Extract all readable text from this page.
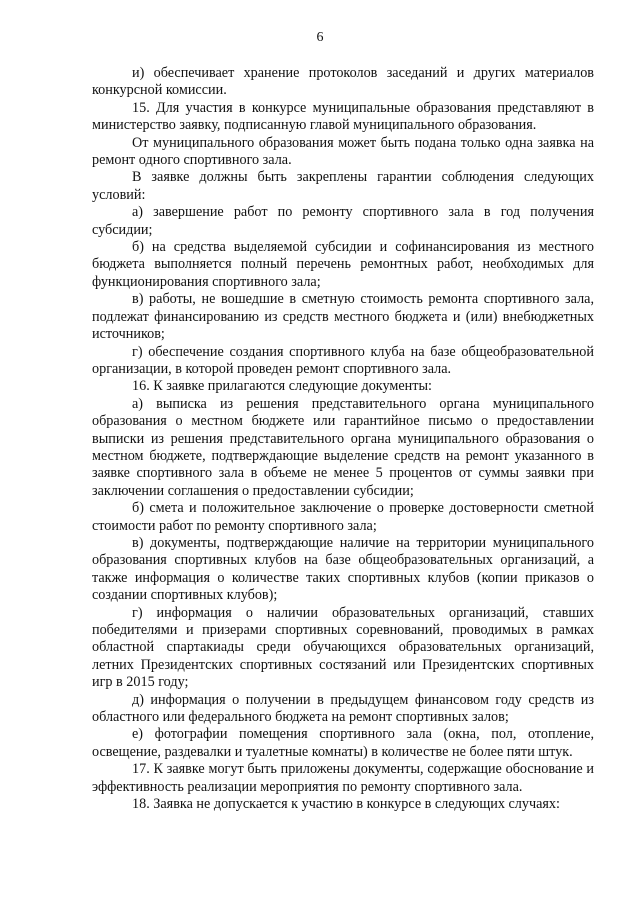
6

и) обеспечивает хранение протоколов заседаний и других материалов конкурсной комиссии.

15. Для участия в конкурсе муниципальные образования представляют в министерство заявку, подписанную главой муниципального образования.

От муниципального образования может быть подана только одна заявка на ремонт одного спортивного зала.

В заявке должны быть закреплены гарантии соблюдения следующих условий:

а) завершение работ по ремонту спортивного зала в год получения субсидии;

б) на средства выделяемой субсидии и софинансирования из местного бюджета выполняется полный перечень ремонтных работ, необходимых для функционирования спортивного зала;

в) работы, не вошедшие в сметную стоимость ремонта спортивного зала, подлежат финансированию из средств местного бюджета и (или) внебюджетных источников;

г) обеспечение создания спортивного клуба на базе общеобразовательной организации, в которой проведен ремонт спортивного зала.

16. К заявке прилагаются следующие документы:

а) выписка из решения представительного органа муниципального образования о местном бюджете или гарантийное письмо о предоставлении выписки из решения представительного органа муниципального образования о местном бюджете, подтверждающие выделение средств на ремонт указанного в заявке спортивного зала в объеме не менее 5 процентов от суммы заявки при заключении соглашения о предоставлении субсидии;

б) смета и положительное заключение о проверке достоверности сметной стоимости работ по ремонту спортивного зала;

в) документы, подтверждающие наличие на территории муниципального образования спортивных клубов на базе общеобразовательных организаций, а также информация о количестве таких спортивных клубов (копии приказов о создании спортивных клубов);

г) информация о наличии образовательных организаций, ставших победителями и призерами спортивных соревнований, проводимых в рамках областной спартакиады среди обучающихся образовательных организаций, летних Президентских спортивных состязаний или Президентских спортивных игр в 2015 году;

д) информация о получении в предыдущем финансовом году средств из областного или федерального бюджета на ремонт спортивных залов;

е) фотографии помещения спортивного зала (окна, пол, отопление, освещение, раздевалки и туалетные комнаты) в количестве не более пяти штук.

17. К заявке могут быть приложены документы, содержащие обоснование и эффективность реализации мероприятия по ремонту спортивного зала.

18. Заявка не допускается к участию в конкурсе в следующих случаях:
